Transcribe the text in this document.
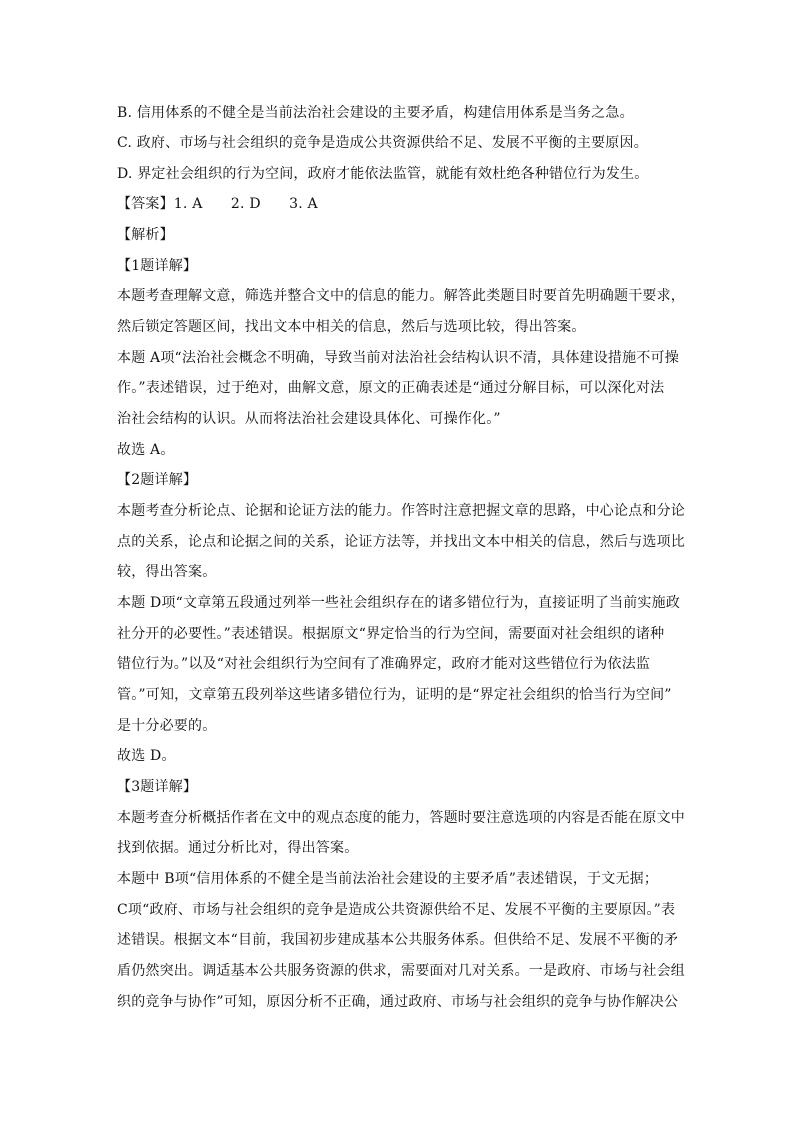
B. 信用体系的不健全是当前法治社会建设的主要矛盾，构建信用体系是当务之急。
C. 政府、市场与社会组织的竞争是造成公共资源供给不足、发展不平衡的主要原因。
D. 界定社会组织的行为空间，政府才能依法监管，就能有效杜绝各种错位行为发生。
【答案】1. A　　2. D　　3. A
【解析】
【1题详解】
本题考查理解文意，筛选并整合文中的信息的能力。解答此类题目时要首先明确题干要求，
然后锁定答题区间，找出文本中相关的信息，然后与选项比较，得出答案。
本题 A项“法治社会概念不明确，导致当前对法治社会结构认识不清，具体建设措施不可操
作。”表述错误，过于绝对，曲解文意，原文的正确表述是“通过分解目标，可以深化对法
治社会结构的认识。从而将法治社会建设具体化、可操作化。”
故选 A。
【2题详解】
本题考查分析论点、论据和论证方法的能力。作答时注意把握文章的思路，中心论点和分论
点的关系，论点和论据之间的关系，论证方法等，并找出文本中相关的信息，然后与选项比
较，得出答案。
本题 D项“文章第五段通过列举一些社会组织存在的诸多错位行为，直接证明了当前实施政
社分开的必要性。”表述错误。根据原文“界定恰当的行为空间，需要面对社会组织的诸种
错位行为。”以及“对社会组织行为空间有了准确界定，政府才能对这些错位行为依法监
管。”可知，文章第五段列举这些诸多错位行为，证明的是“界定社会组织的恰当行为空间”
是十分必要的。
故选 D。
【3题详解】
本题考查分析概括作者在文中的观点态度的能力，答题时要注意选项的内容是否能在原文中
找到依据。通过分析比对，得出答案。
本题中 B项“信用体系的不健全是当前法治社会建设的主要矛盾”表述错误，于文无据；
C项“政府、市场与社会组织的竞争是造成公共资源供给不足、发展不平衡的主要原因。”表
述错误。根据文本“目前，我国初步建成基本公共服务体系。但供给不足、发展不平衡的矛
盾仍然突出。调适基本公共服务资源的供求，需要面对几对关系。一是政府、市场与社会组
织的竞争与协作”可知，原因分析不正确，通过政府、市场与社会组织的竞争与协作解决公
